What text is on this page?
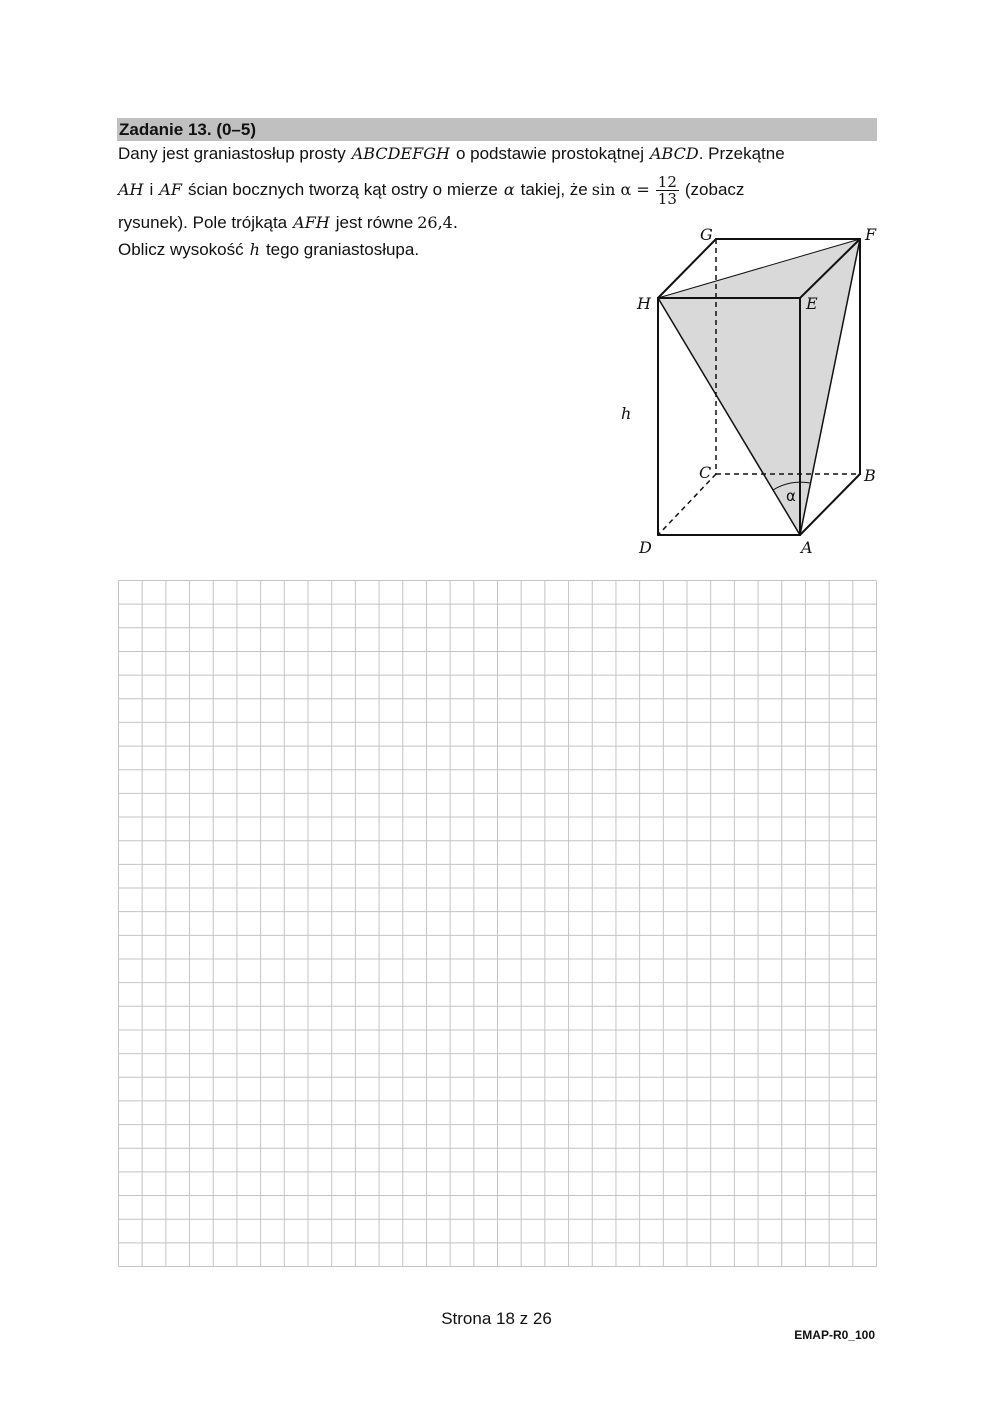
Zadanie 13. (0–5)
Dany jest graniastosłup prosty ABCDEFGH o podstawie prostokątnej ABCD. Przekątne
AH i AF ścian bocznych tworzą kąt ostry o mierze α takiej, że $\sin \alpha = \frac{12}{13}$ (zobacz
rysunek). Pole trójkąta AFH jest równe 26,4.
Oblicz wysokość h tego graniastosłupa.
G	F
H	E
h
C	B
α
D	A
Strona 18 z 26
EMAP-R0_100
